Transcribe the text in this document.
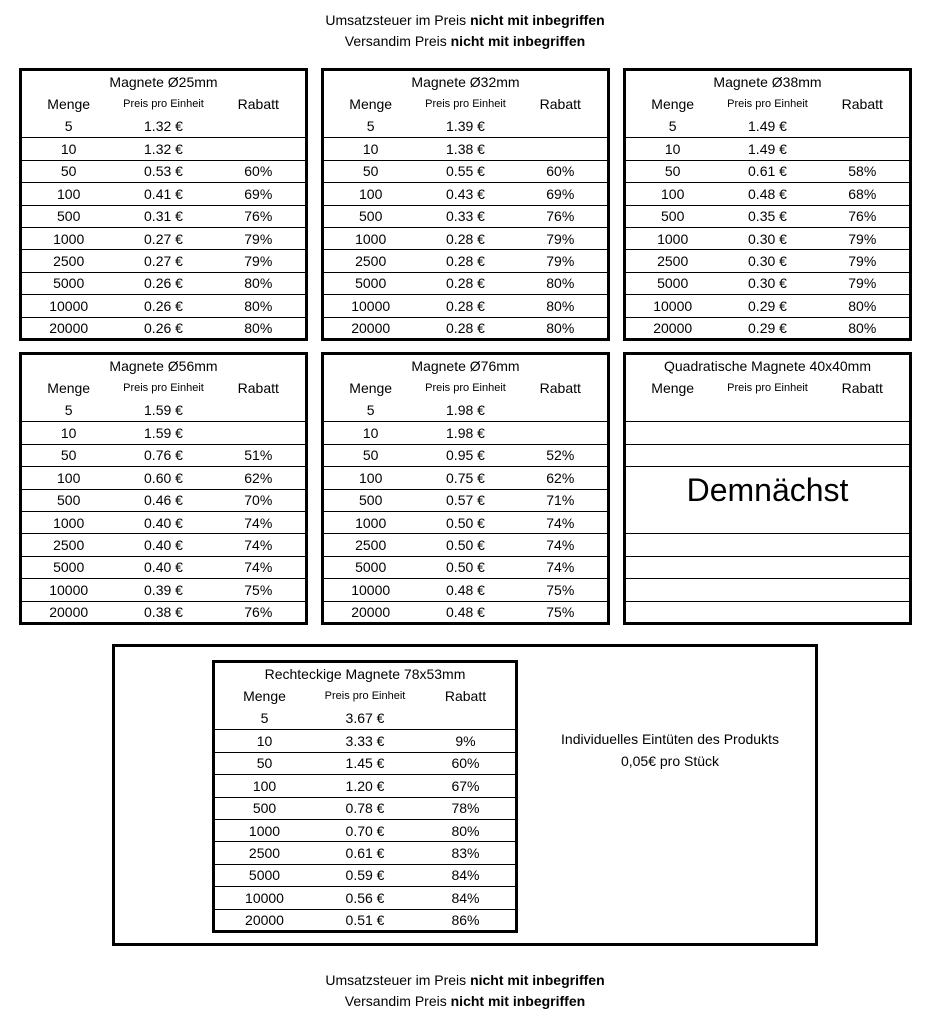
Umsatzsteuer im Preis nicht mit inbegriffen
Versandim Preis nicht mit inbegriffen
Magnete Ø25mm
Menge	Preis pro Einheit	Rabatt
5	1.32 €
10	1.32 €
50	0.53 €	60%
100	0.41 €	69%
500	0.31 €	76%
1000	0.27 €	79%
2500	0.27 €	79%
5000	0.26 €	80%
10000	0.26 €	80%
20000	0.26 €	80%
Magnete Ø32mm
Menge	Preis pro Einheit	Rabatt
5	1.39 €
10	1.38 €
50	0.55 €	60%
100	0.43 €	69%
500	0.33 €	76%
1000	0.28 €	79%
2500	0.28 €	79%
5000	0.28 €	80%
10000	0.28 €	80%
20000	0.28 €	80%
Magnete Ø38mm
Menge	Preis pro Einheit	Rabatt
5	1.49 €
10	1.49 €
50	0.61 €	58%
100	0.48 €	68%
500	0.35 €	76%
1000	0.30 €	79%
2500	0.30 €	79%
5000	0.30 €	79%
10000	0.29 €	80%
20000	0.29 €	80%
Magnete Ø56mm
Menge	Preis pro Einheit	Rabatt
5	1.59 €
10	1.59 €
50	0.76 €	51%
100	0.60 €	62%
500	0.46 €	70%
1000	0.40 €	74%
2500	0.40 €	74%
5000	0.40 €	74%
10000	0.39 €	75%
20000	0.38 €	76%
Magnete Ø76mm
Menge	Preis pro Einheit	Rabatt
5	1.98 €
10	1.98 €
50	0.95 €	52%
100	0.75 €	62%
500	0.57 €	71%
1000	0.50 €	74%
2500	0.50 €	74%
5000	0.50 €	74%
10000	0.48 €	75%
20000	0.48 €	75%
Rechteckige Magnete 78x53mm
Menge	Preis pro Einheit	Rabatt
5	3.67 €
10	3.33 €	9%
50	1.45 €	60%
100	1.20 €	67%
500	0.78 €	78%
1000	0.70 €	80%
2500	0.61 €	83%
5000	0.59 €	84%
10000	0.56 €	84%
20000	0.51 €	86%
Quadratische Magnete 40x40mm
Menge	Preis pro Einheit	Rabatt
Demnächst
Individuelles Eintüten des Produkts
0,05€ pro Stück
Umsatzsteuer im Preis nicht mit inbegriffen
Versandim Preis nicht mit inbegriffen
